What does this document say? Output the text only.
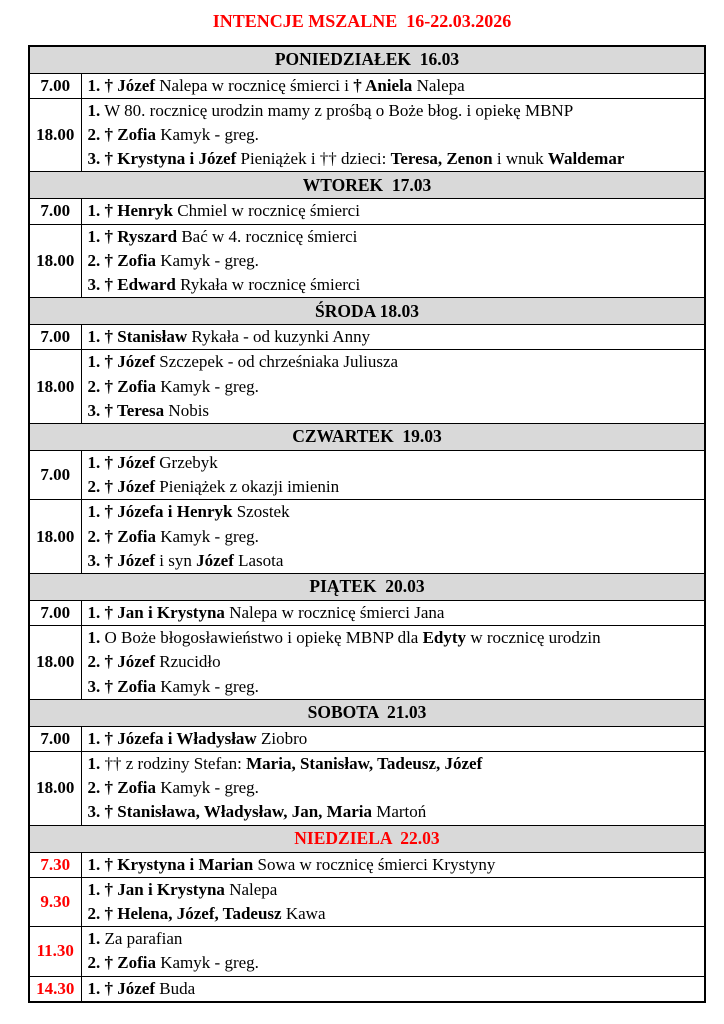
INTENCJE MSZALNE  16-22.03.2026
PONIEDZIAŁEK  16.03	
7.00	1. † Józef Nalepa w rocznicę śmierci i † Aniela Nalepa

18.00	1. W 80. rocznicę urodzin mamy z prośbą o Boże błog. i opiekę MBNP
2. † Zofia Kamyk - greg.
3. † Krystyna i Józef Pieniążek i †† dzieci: Teresa, Zenon i wnuk Waldemar

WTOREK  17.03	
7.00	1. † Henryk Chmiel w rocznicę śmierci

18.00	1. † Ryszard Bać w 4. rocznicę śmierci
2. † Zofia Kamyk - greg.
3. † Edward Rykała w rocznicę śmierci

ŚRODA 18.03	
7.00	1. † Stanisław Rykała - od kuzynki Anny

18.00	1. † Józef Szczepek - od chrześniaka Juliusza
2. † Zofia Kamyk - greg.
3. † Teresa Nobis

CZWARTEK  19.03	
7.00	1. † Józef Grzebyk
2. † Józef Pieniążek z okazji imienin

18.00	1. † Józefa i Henryk Szostek
2. † Zofia Kamyk - greg.
3. † Józef i syn Józef Lasota

PIĄTEK  20.03	
7.00	1. † Jan i Krystyna Nalepa w rocznicę śmierci Jana

18.00	1. O Boże błogosławieństwo i opiekę MBNP dla Edyty w rocznicę urodzin
2. † Józef Rzucidło
3. † Zofia Kamyk - greg.

SOBOTA  21.03	
7.00	1. † Józefa i Władysław Ziobro

18.00	1. †† z rodziny Stefan: Maria, Stanisław, Tadeusz, Józef
2. † Zofia Kamyk - greg.
3. † Stanisława, Władysław, Jan, Maria Martoń

NIEDZIELA  22.03	
7.30	1. † Krystyna i Marian Sowa w rocznicę śmierci Krystyny

9.30	1. † Jan i Krystyna Nalepa
2. † Helena, Józef, Tadeusz Kawa

11.30	1. Za parafian
2. † Zofia Kamyk - greg.

14.30	1. † Józef Buda
